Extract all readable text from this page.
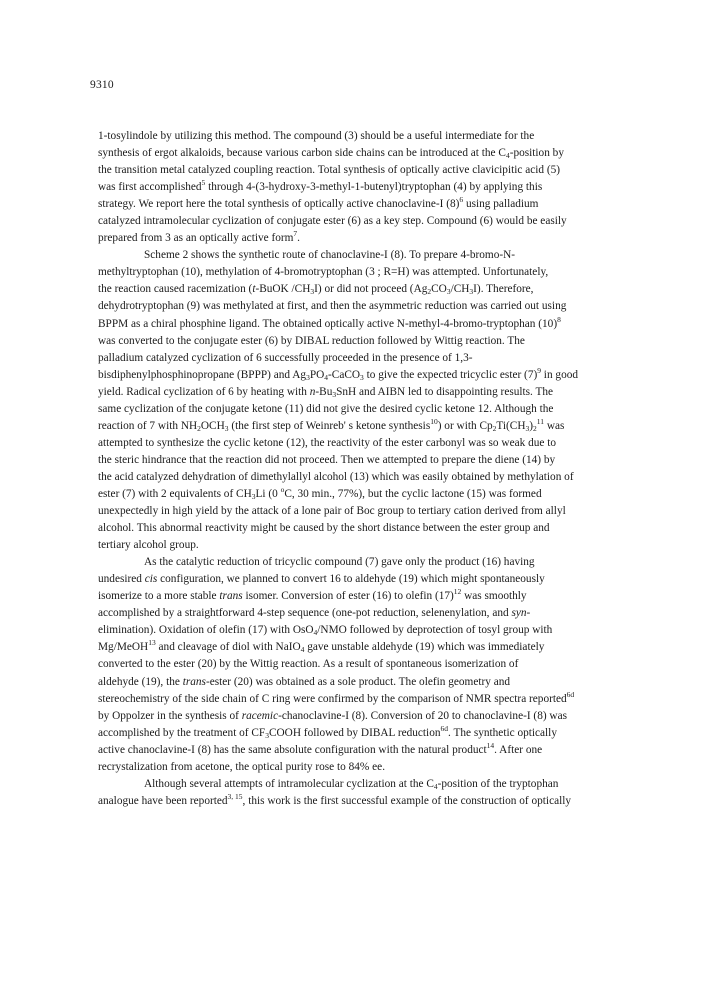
9310
1-tosylindole by utilizing this method. The compound (3) should be a useful intermediate for the
synthesis of ergot alkaloids, because various carbon side chains can be introduced at the $C_4$-position by
the transition metal catalyzed coupling reaction. Total synthesis of optically active clavicipitic acid (5)
was first accomplished$^5$ through 4-(3-hydroxy-3-methyl-1-butenyl)tryptophan (4) by applying this
strategy. We report here the total synthesis of optically active chanoclavine-I $(8)^6$ using palladium
catalyzed intramolecular cyclization of conjugate ester (6) as a key step. Compound (6) would be easily
prepared from 3 as an optically active form$^7$.
Scheme 2 shows the synthetic route of chanoclavine-I (8). To prepare 4-bromo-N-
methyltryptophan (10), methylation of 4-bromotryptophan (3 ; R=H) was attempted. Unfortunately,
the reaction caused racemization (t-BuOK $/CH_3I$) or did not proceed $(Ag_2CO_3/CH_3I)$. Therefore,
dehydrotryptophan (9) was methylated at first, and then the asymmetric reduction was carried out using
BPPM as a chiral phosphine ligand. The obtained optically active N-methyl-4-bromo-tryptophan $(10)^8$
was converted to the conjugate ester (6) by DIBAL reduction followed by Wittig reaction. The
palladium catalyzed cyclization of 6 successfully proceeded in the presence of 1,3-
bisdiphenylphosphinopropane (BPPP) and $Ag_3PO_4-CaCO_3$ to give the expected tricyclic ester $(7)^9$ in good
yield. Radical cyclization of 6 by heating with $n-Bu_3SnH$ and AIBN led to disappointing results. The
same cyclization of the conjugate ketone (11) did not give the desired cyclic ketone 12. Although the
reaction of 7 with $NH_2OCH_3$ (the first step of Weinreb' s ketone synthesis$^{10}$) or with $Cp_2Ti(CH_3)_2^{11}$ was
attempted to synthesize the cyclic ketone (12), the reactivity of the ester carbonyl was so weak due to
the steric hindrance that the reaction did not proceed. Then we attempted to prepare the diene (14) by
the acid catalyzed dehydration of dimethylallyl alcohol (13) which was easily obtained by methylation of
ester (7) with 2 equivalents of $CH_3Li$ (0 $^o$C, 30 min., 77%), but the cyclic lactone (15) was formed
unexpectedly in high yield by the attack of a lone pair of Boc group to tertiary cation derived from allyl
alcohol. This abnormal reactivity might be caused by the short distance between the ester group and
tertiary alcohol group.
As the catalytic reduction of tricyclic compound (7) gave only the product (16) having
undesired cis configuration, we planned to convert 16 to aldehyde (19) which might spontaneously
isomerize to a more stable trans isomer. Conversion of ester (16) to olefin $(17)^{12}$ was smoothly
accomplished by a straightforward 4-step sequence (one-pot reduction, selenenylation, and syn-
elimination). Oxidation of olefin (17) with OsO$_4$/NMO followed by deprotection of tosyl group with
Mg/MeOH$^{13}$ and cleavage of diol with NaIO$_4$ gave unstable aldehyde (19) which was immediately
converted to the ester (20) by the Wittig reaction. As a result of spontaneous isomerization of
aldehyde (19), the trans-ester (20) was obtained as a sole product. The olefin geometry and
stereochemistry of the side chain of C ring were confirmed by the comparison of NMR spectra reported$^{6d}$
by Oppolzer in the synthesis of racemic-chanoclavine-I (8). Conversion of 20 to chanoclavine-I (8) was
accomplished by the treatment of $CF_3COOH$ followed by DIBAL reduction$^{6d}$. The synthetic optically
active chanoclavine-I (8) has the same absolute configuration with the natural product$^{14}$. After one
recrystalization from acetone, the optical purity rose to 84% ee.
Although several attempts of intramolecular cyclization at the $C_4$-position of the tryptophan
analogue have been reported$^{3, 15}$, this work is the first successful example of the construction of optically
